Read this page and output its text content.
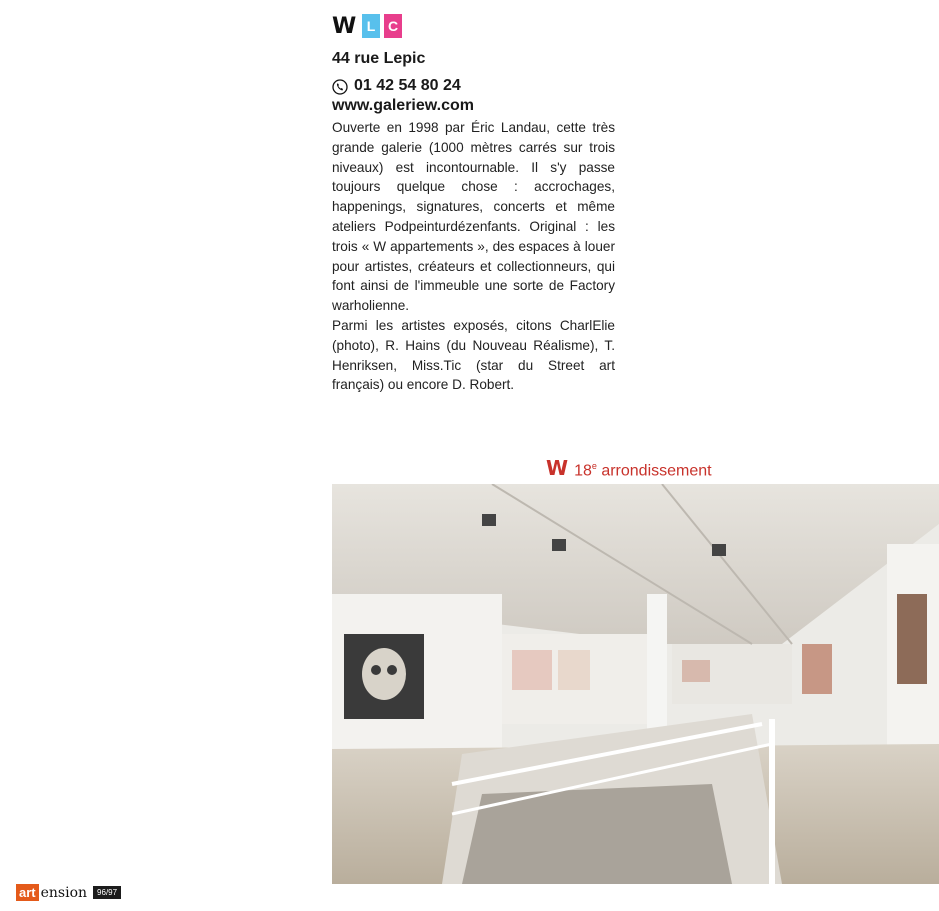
W L C
44 rue Lepic
01 42 54 80 24
www.galeriew.com

Ouverte en 1998 par Éric Landau, cette très grande galerie (1000 mètres carrés sur trois niveaux) est incontournable. Il s'y passe toujours quelque chose : accrochages, happenings, signatures, concerts et même ateliers Podpeinturdézenfants. Original : les trois « W appartements », des espaces à louer pour artistes, créateurs et collectionneurs, qui font ainsi de l'immeuble une sorte de Factory warholienne.

Parmi les artistes exposés, citons CharlElie (photo), R. Hains (du Nouveau Réalisme), T. Henriksen, Miss.Tic (star du Street art français) ou encore D. Robert.

W 18e arrondissement
art ension	96/97
